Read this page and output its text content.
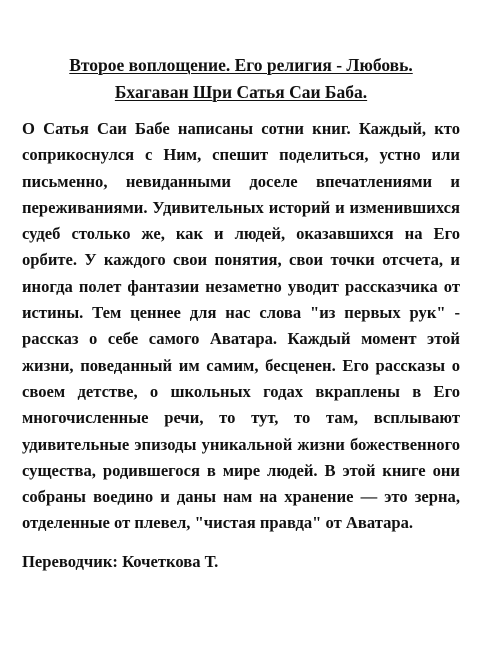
Второе воплощение. Его религия - Любовь.
Бхагаван Шри Сатья Саи Баба.

О Сатья Саи Бабе написаны сотни книг. Каждый, кто соприкоснулся с Ним, спешит поделиться, устно или письменно, невиданными доселе впечатлениями и переживаниями. Удивительных историй и изменившихся судеб столько же, как и людей, оказавшихся на Его орбите. У каждого свои понятия, свои точки отсчета, и иногда полет фантазии незаметно уводит рассказчика от истины. Тем ценнее для нас слова "из первых рук" - рассказ о себе самого Аватара. Каждый момент этой жизни, поведанный им самим, бесценен. Его рассказы о своем детстве, о школьных годах вкраплены в Его многочисленные речи, то тут, то там, всплывают удивительные эпизоды уникальной жизни божественного существа, родившегося в мире людей. В этой книге они собраны воедино и даны нам на хранение — это зерна, отделенные от плевел, "чистая правда" от Аватара.

Переводчик: Кочеткова Т.
